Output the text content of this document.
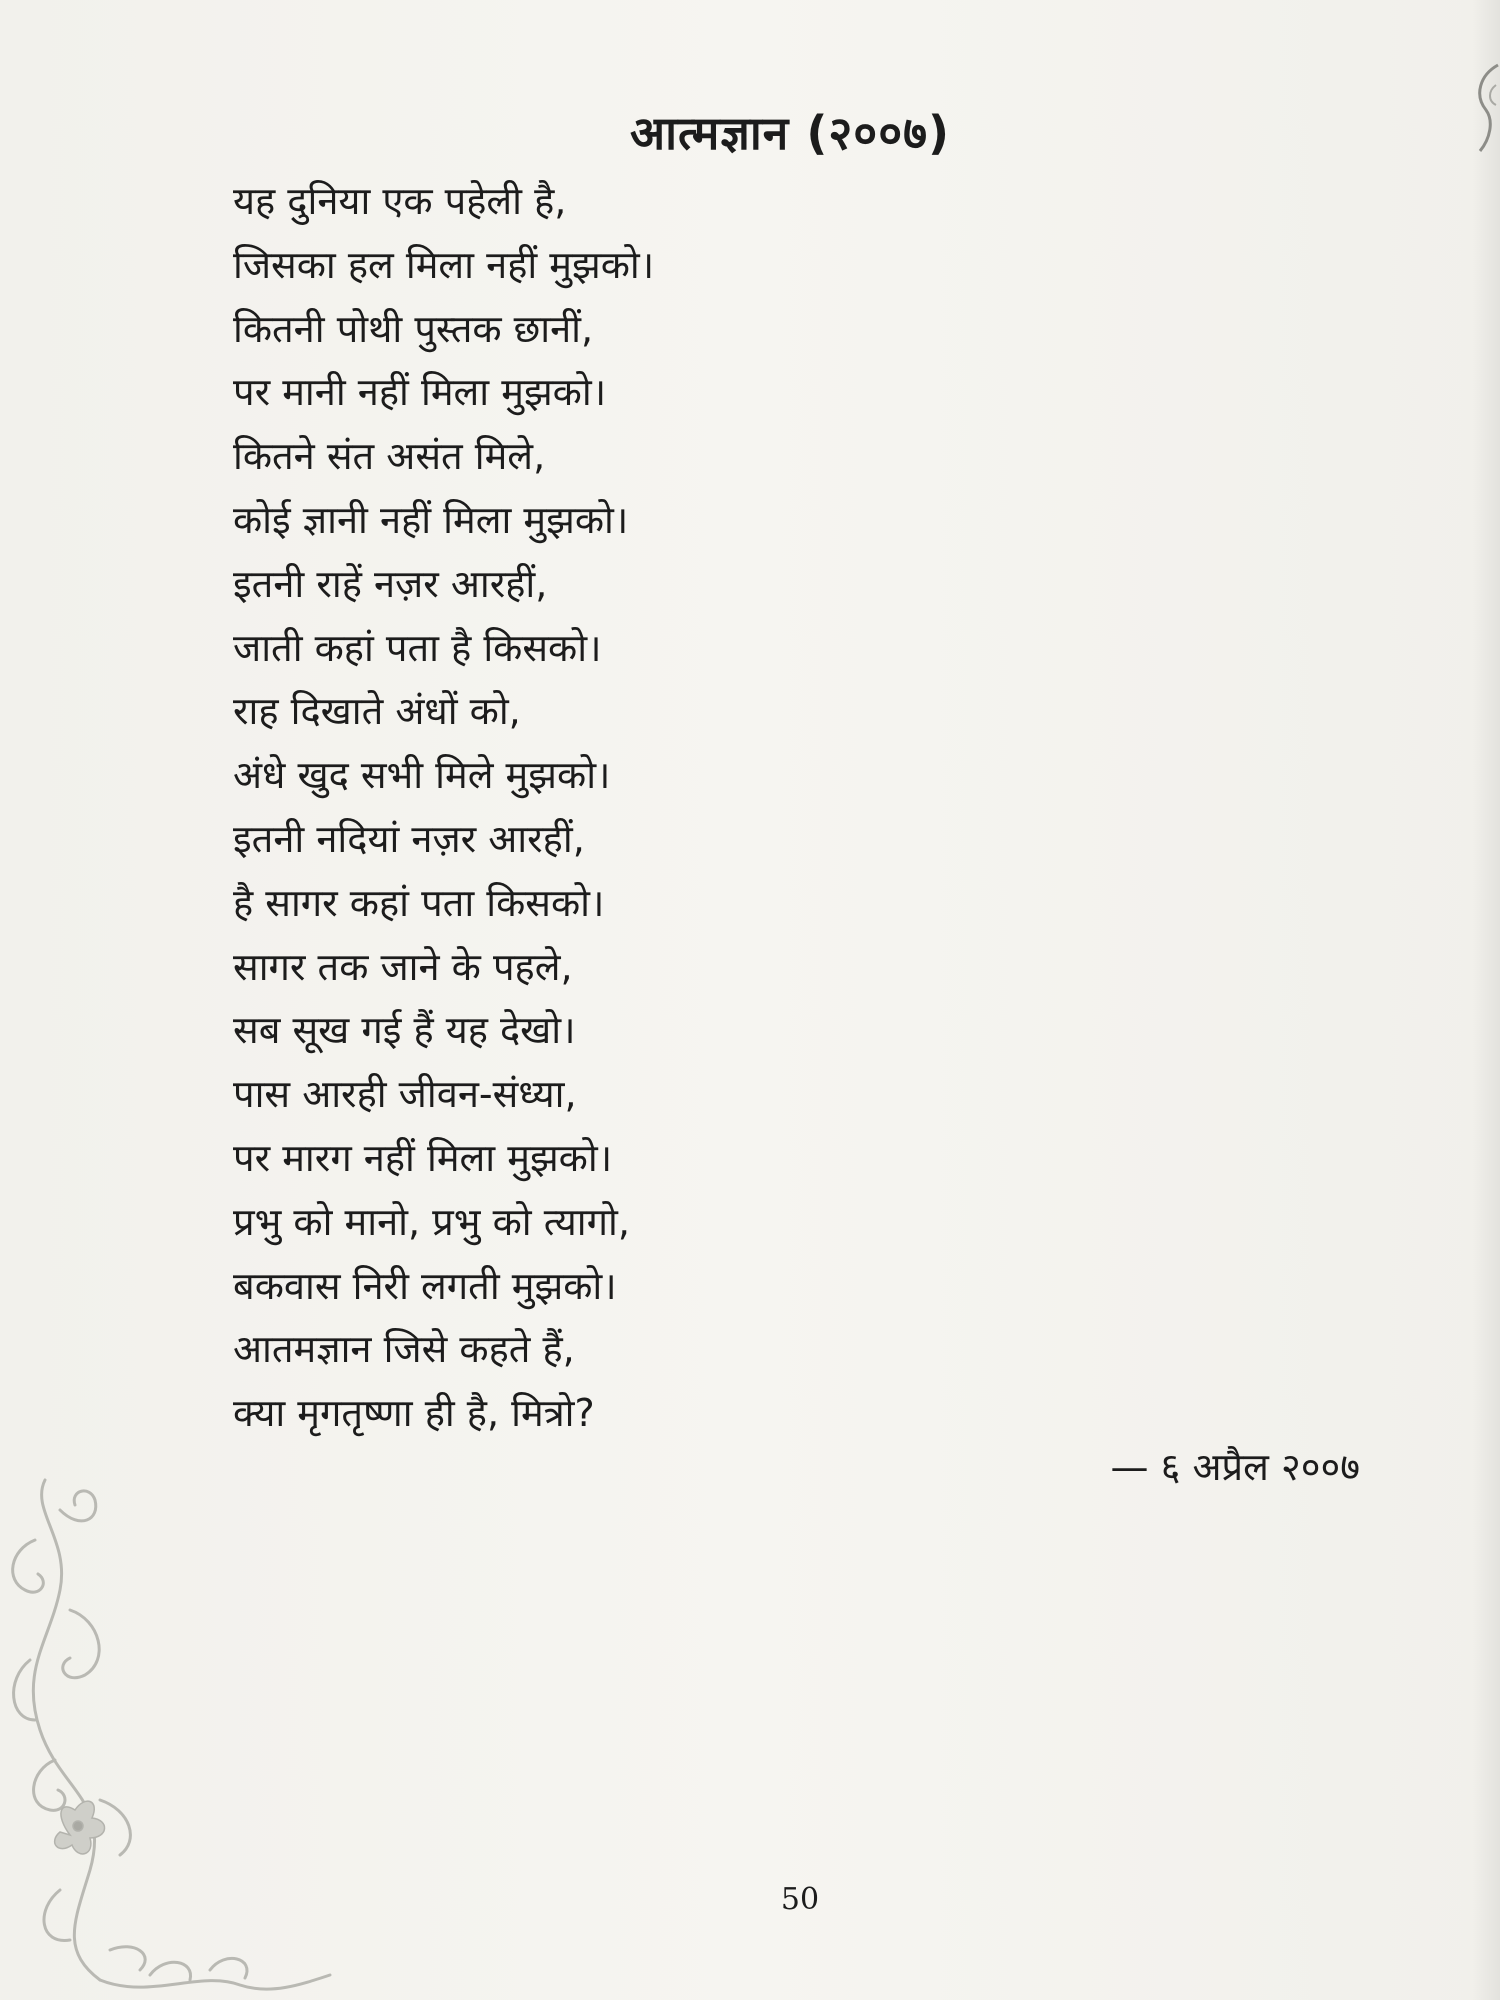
आत्मज्ञान (२००७)
यह दुनिया एक पहेली है,
जिसका हल मिला नहीं मुझको।
कितनी पोथी पुस्तक छानीं,
पर मानी नहीं मिला मुझको।
कितने संत असंत मिले,
कोई ज्ञानी नहीं मिला मुझको।
इतनी राहें नज़र आरहीं,
जाती कहां पता है किसको।
राह दिखाते अंधों को,
अंधे खुद सभी मिले मुझको।
इतनी नदियां नज़र आरहीं,
है सागर कहां पता किसको।
सागर तक जाने के पहले,
सब सूख गई हैं यह देखो।
पास आरही जीवन-संध्या,
पर मारग नहीं मिला मुझको।
प्रभु को मानो, प्रभु को त्यागो,
बकवास निरी लगती मुझको।
आतमज्ञान जिसे कहते हैं,
क्या मृगतृष्णा ही है, मित्रो?
— ६ अप्रैल २००७
50
